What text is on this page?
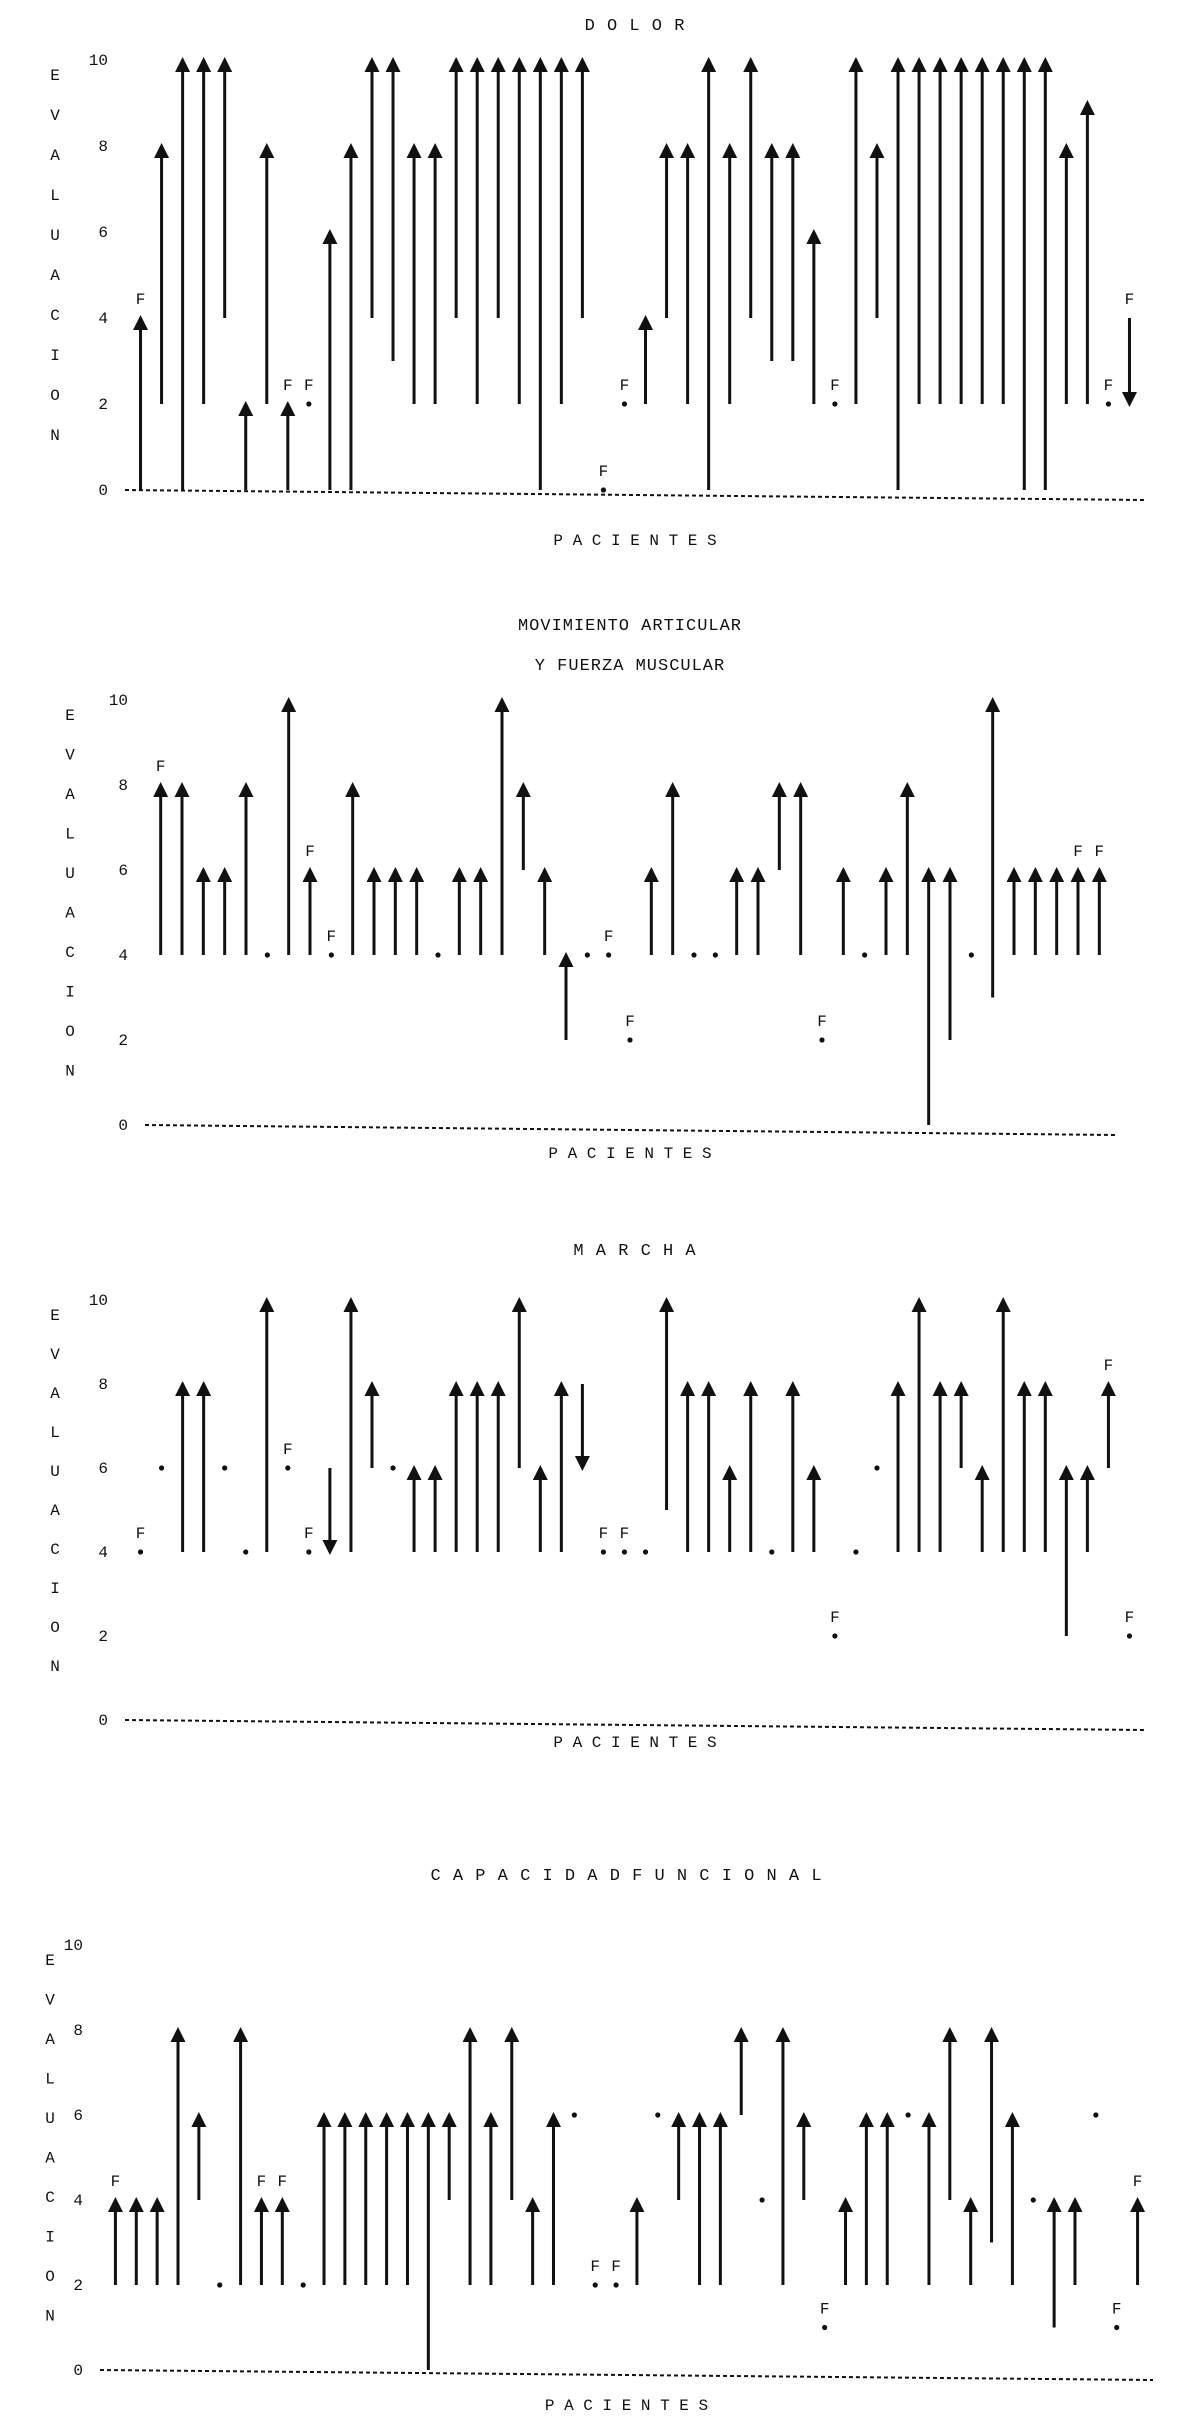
D O L O R
E V A L U A C I O N
0
2
4
6
8
10
P A C I E N T E S
F
F F
F
F	F	F
F
MOVIMIENTO ARTICULAR
Y FUERZA MUSCULAR
E V A L U A C I O N
0
2
4
6
8
10
P A C I E N T E S
F
F
F	F
F	F
F F
M A R C H A
E V A L U A C I O N
0
2
4
6
8
10
P A C I E N T E S
F
F
F	F F
F
F
F
C A P A C I D A D F U N C I O N A L
E V A L U A C I O N
0
2
4
6
8
10
P A C I E N T E S
F	F F
F F
F	F
F
